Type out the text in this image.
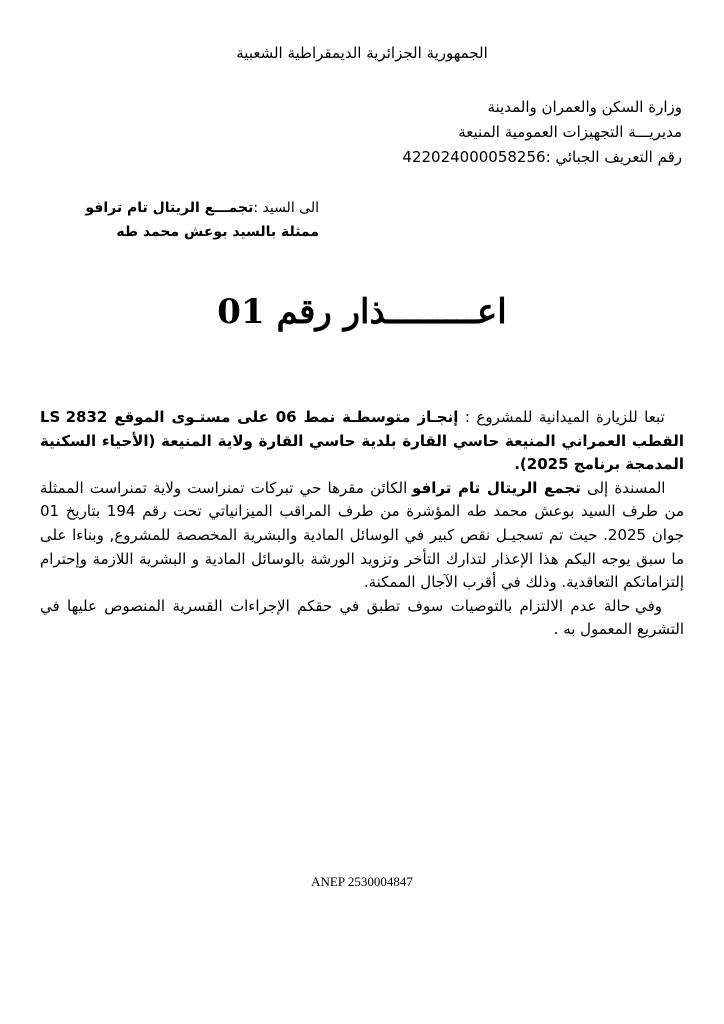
الجمهورية الجزائرية الديمقراطية الشعبية
وزارة السكن والعمران والمدينة
مديريـــة التجهيزات العمومية المنيعة
رقم التعريف الجبائي :422024000058256
الى السيد :تجمـــع الريتال تام ترافو
ممثلة بالسيد بوعش محمد طه
اعـــــــــذار رقم 01

تبعا للزيارة الميدانية للمشروع : إنجـاز متوسطـة نمط 06 على مستـوى الموقع LS 2832 القطب العمراني المنيعة حاسي القارة بلدية حاسي القارة ولاية المنيعة (الأحياء السكنية المدمجة برنامج 2025).

المسندة إلى تجمع الريتال تام ترافو الكائن مقرها حي تبركات تمنراست ولاية تمنراست الممثلة من طرف السيد بوعش محمد طه المؤشرة من طرف المراقب الميزانياتي تحت رقم 194 بتاريخ 01 جوان 2025. حيث تم تسجيـل نقص كبير في الوسائل المادية والبشرية المخصصة للمشروع, وبناءا على ما سبق يوجه اليكم هذا الإعذار لتدارك التأخر وتزويد الورشة بالوسائل المادية و البشرية اللازمة وإحترام إلتزاماتكم التعاقدية. وذلك في أقرب الآجال الممكنة.

وفي حالة عدم الالتزام بالتوصيات سوف تطبق في حقكم الإجراءات القسرية المنصوص عليها في التشريع المعمول به .

ANEP 2530004847
